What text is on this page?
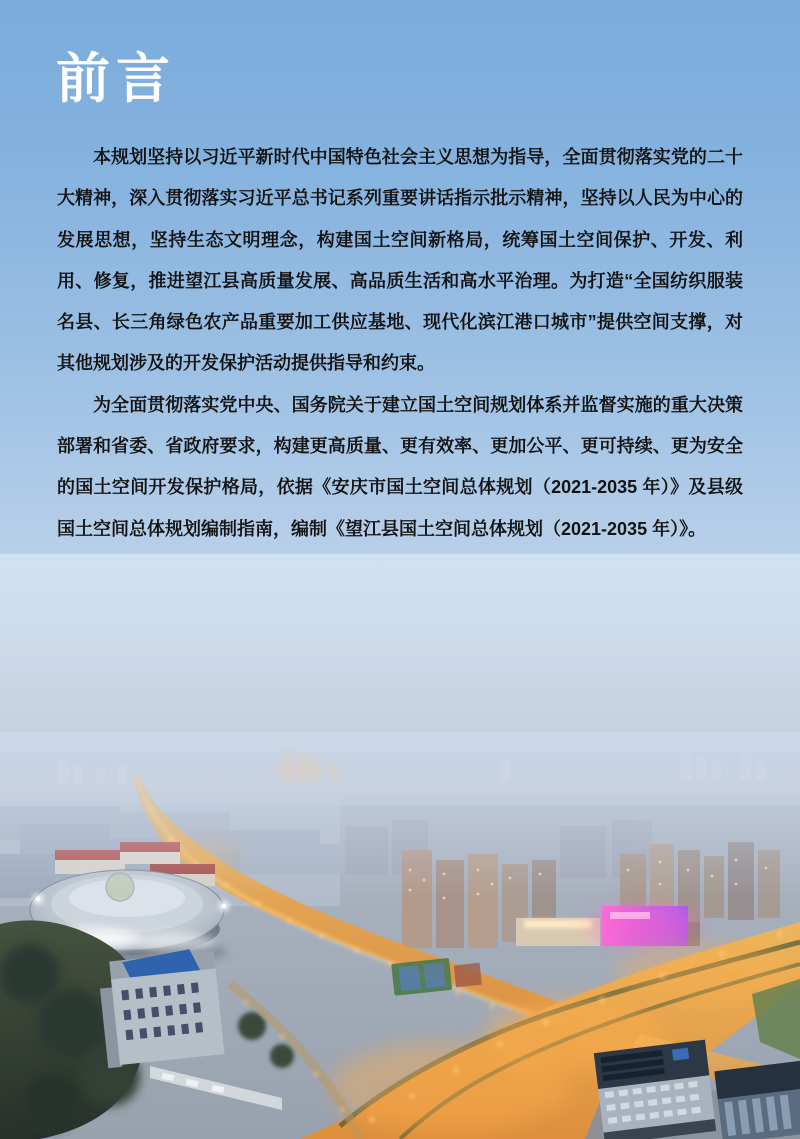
前言

本规划坚持以习近平新时代中国特色社会主义思想为指导，全面贯彻落实党的二十大精神，深入贯彻落实习近平总书记系列重要讲话指示批示精神，坚持以人民为中心的发展思想，坚持生态文明理念，构建国土空间新格局，统筹国土空间保护、开发、利用、修复，推进望江县高质量发展、高品质生活和高水平治理。为打造“全国纺织服装名县、长三角绿色农产品重要加工供应基地、现代化滨江港口城市”提供空间支撑，对其他规划涉及的开发保护活动提供指导和约束。

为全面贯彻落实党中央、国务院关于建立国土空间规划体系并监督实施的重大决策部署和省委、省政府要求，构建更高质量、更有效率、更加公平、更可持续、更为安全的国土空间开发保护格局，依据《安庆市国土空间总体规划（2021-2035 年）》及县级国土空间总体规划编制指南，编制《望江县国土空间总体规划（2021-2035 年）》。
